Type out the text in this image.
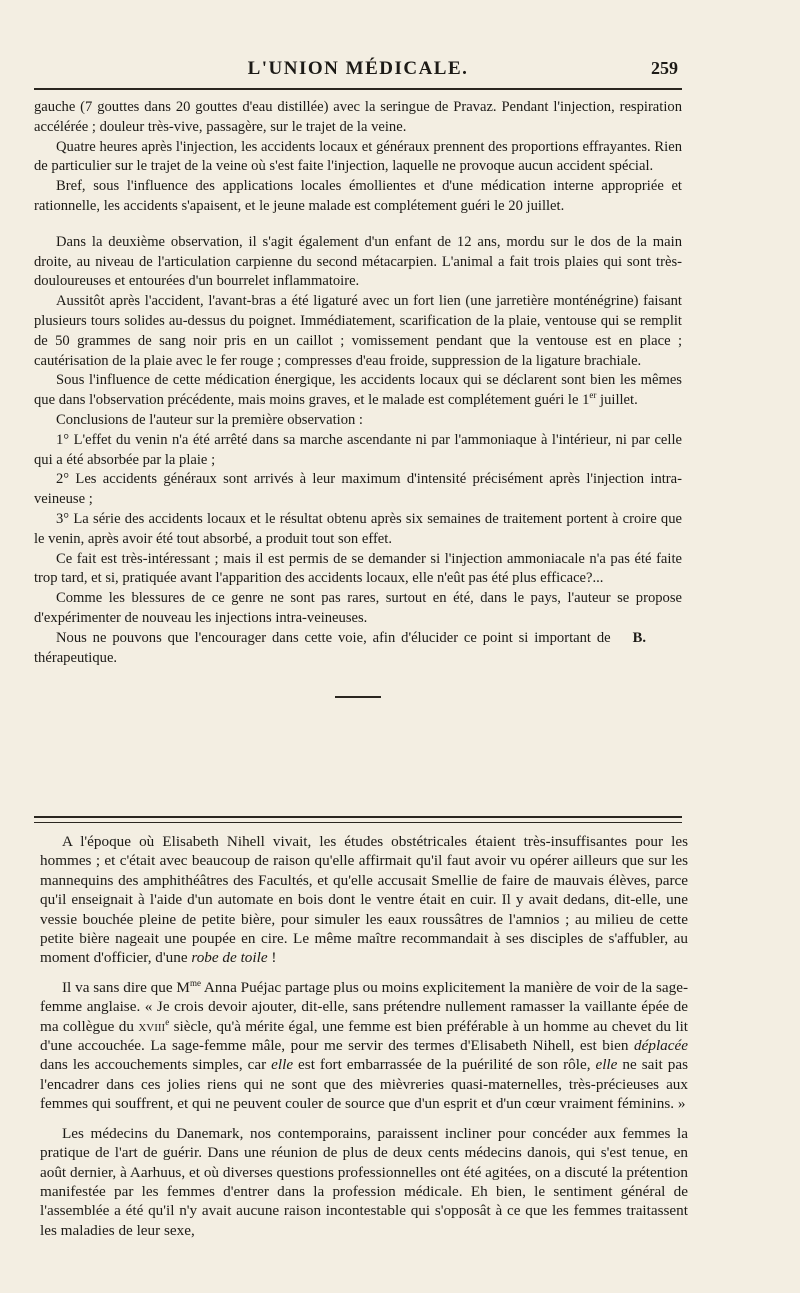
L'UNION MÉDICALE.	259

gauche (7 gouttes dans 20 gouttes d'eau distillée) avec la seringue de Pravaz. Pendant l'injection, respiration accélérée ; douleur très-vive, passagère, sur le trajet de la veine.

Quatre heures après l'injection, les accidents locaux et généraux prennent des proportions effrayantes. Rien de particulier sur le trajet de la veine où s'est faite l'injection, laquelle ne provoque aucun accident spécial.

Bref, sous l'influence des applications locales émollientes et d'une médication interne appropriée et rationnelle, les accidents s'apaisent, et le jeune malade est complétement guéri le 20 juillet.

Dans la deuxième observation, il s'agit également d'un enfant de 12 ans, mordu sur le dos de la main droite, au niveau de l'articulation carpienne du second métacarpien. L'animal a fait trois plaies qui sont très-douloureuses et entourées d'un bourrelet inflammatoire.

Aussitôt après l'accident, l'avant-bras a été ligaturé avec un fort lien (une jarretière monténégrine) faisant plusieurs tours solides au-dessus du poignet. Immédiatement, scarification de la plaie, ventouse qui se remplit de 50 grammes de sang noir pris en un caillot ; vomissement pendant que la ventouse est en place ; cautérisation de la plaie avec le fer rouge ; compresses d'eau froide, suppression de la ligature brachiale.

Sous l'influence de cette médication énergique, les accidents locaux qui se déclarent sont bien les mêmes que dans l'observation précédente, mais moins graves, et le malade est complétement guéri le 1er juillet.

Conclusions de l'auteur sur la première observation :

1° L'effet du venin n'a été arrêté dans sa marche ascendante ni par l'ammoniaque à l'intérieur, ni par celle qui a été absorbée par la plaie ;

2° Les accidents généraux sont arrivés à leur maximum d'intensité précisément après l'injection intra-veineuse ;

3° La série des accidents locaux et le résultat obtenu après six semaines de traitement portent à croire que le venin, après avoir été tout absorbé, a produit tout son effet.

Ce fait est très-intéressant ; mais il est permis de se demander si l'injection ammoniacale n'a pas été faite trop tard, et si, pratiquée avant l'apparition des accidents locaux, elle n'eût pas été plus efficace?...

Comme les blessures de ce genre ne sont pas rares, surtout en été, dans le pays, l'auteur se propose d'expérimenter de nouveau les injections intra-veineuses.

B.
Nous ne pouvons que l'encourager dans cette voie, afin d'élucider ce point si important de thérapeutique.

A l'époque où Elisabeth Nihell vivait, les études obstétricales étaient très-insuffisantes pour les hommes ; et c'était avec beaucoup de raison qu'elle affirmait qu'il faut avoir vu opérer ailleurs que sur les mannequins des amphithéâtres des Facultés, et qu'elle accusait Smellie de faire de mauvais élèves, parce qu'il enseignait à l'aide d'un automate en bois dont le ventre était en cuir. Il y avait dedans, dit-elle, une vessie bouchée pleine de petite bière, pour simuler les eaux roussâtres de l'amnios ; au milieu de cette petite bière nageait une poupée en cire. Le même maître recommandait à ses disciples de s'affubler, au moment d'officier, d'une robe de toile !

Il va sans dire que $M^{me}$ Anna Puéjac partage plus ou moins explicitement la manière de voir de la sage-femme anglaise. « Je crois devoir ajouter, dit-elle, sans prétendre nullement ramasser la vaillante épée de ma collègue du xviii$^e$ siècle, qu'à mérite égal, une femme est bien préférable à un homme au chevet du lit d'une accouchée. La sage-femme mâle, pour me servir des termes d'Elisabeth Nihell, est bien déplacée dans les accouchements simples, car elle est fort embarrassée de la puérilité de son rôle, elle ne sait pas l'encadrer dans ces jolies riens qui ne sont que des mièvreries quasi-maternelles, très-précieuses aux femmes qui souffrent, et qui ne peuvent couler de source que d'un esprit et d'un cœur vraiment féminins. »

Les médecins du Danemark, nos contemporains, paraissent incliner pour concéder aux femmes la pratique de l'art de guérir. Dans une réunion de plus de deux cents médecins danois, qui s'est tenue, en août dernier, à Aarhuus, et où diverses questions professionnelles ont été agitées, on a discuté la prétention manifestée par les femmes d'entrer dans la profession médicale. Eh bien, le sentiment général de l'assemblée a été qu'il n'y avait aucune raison incontestable qui s'opposât à ce que les femmes traitassent les maladies de leur sexe,
